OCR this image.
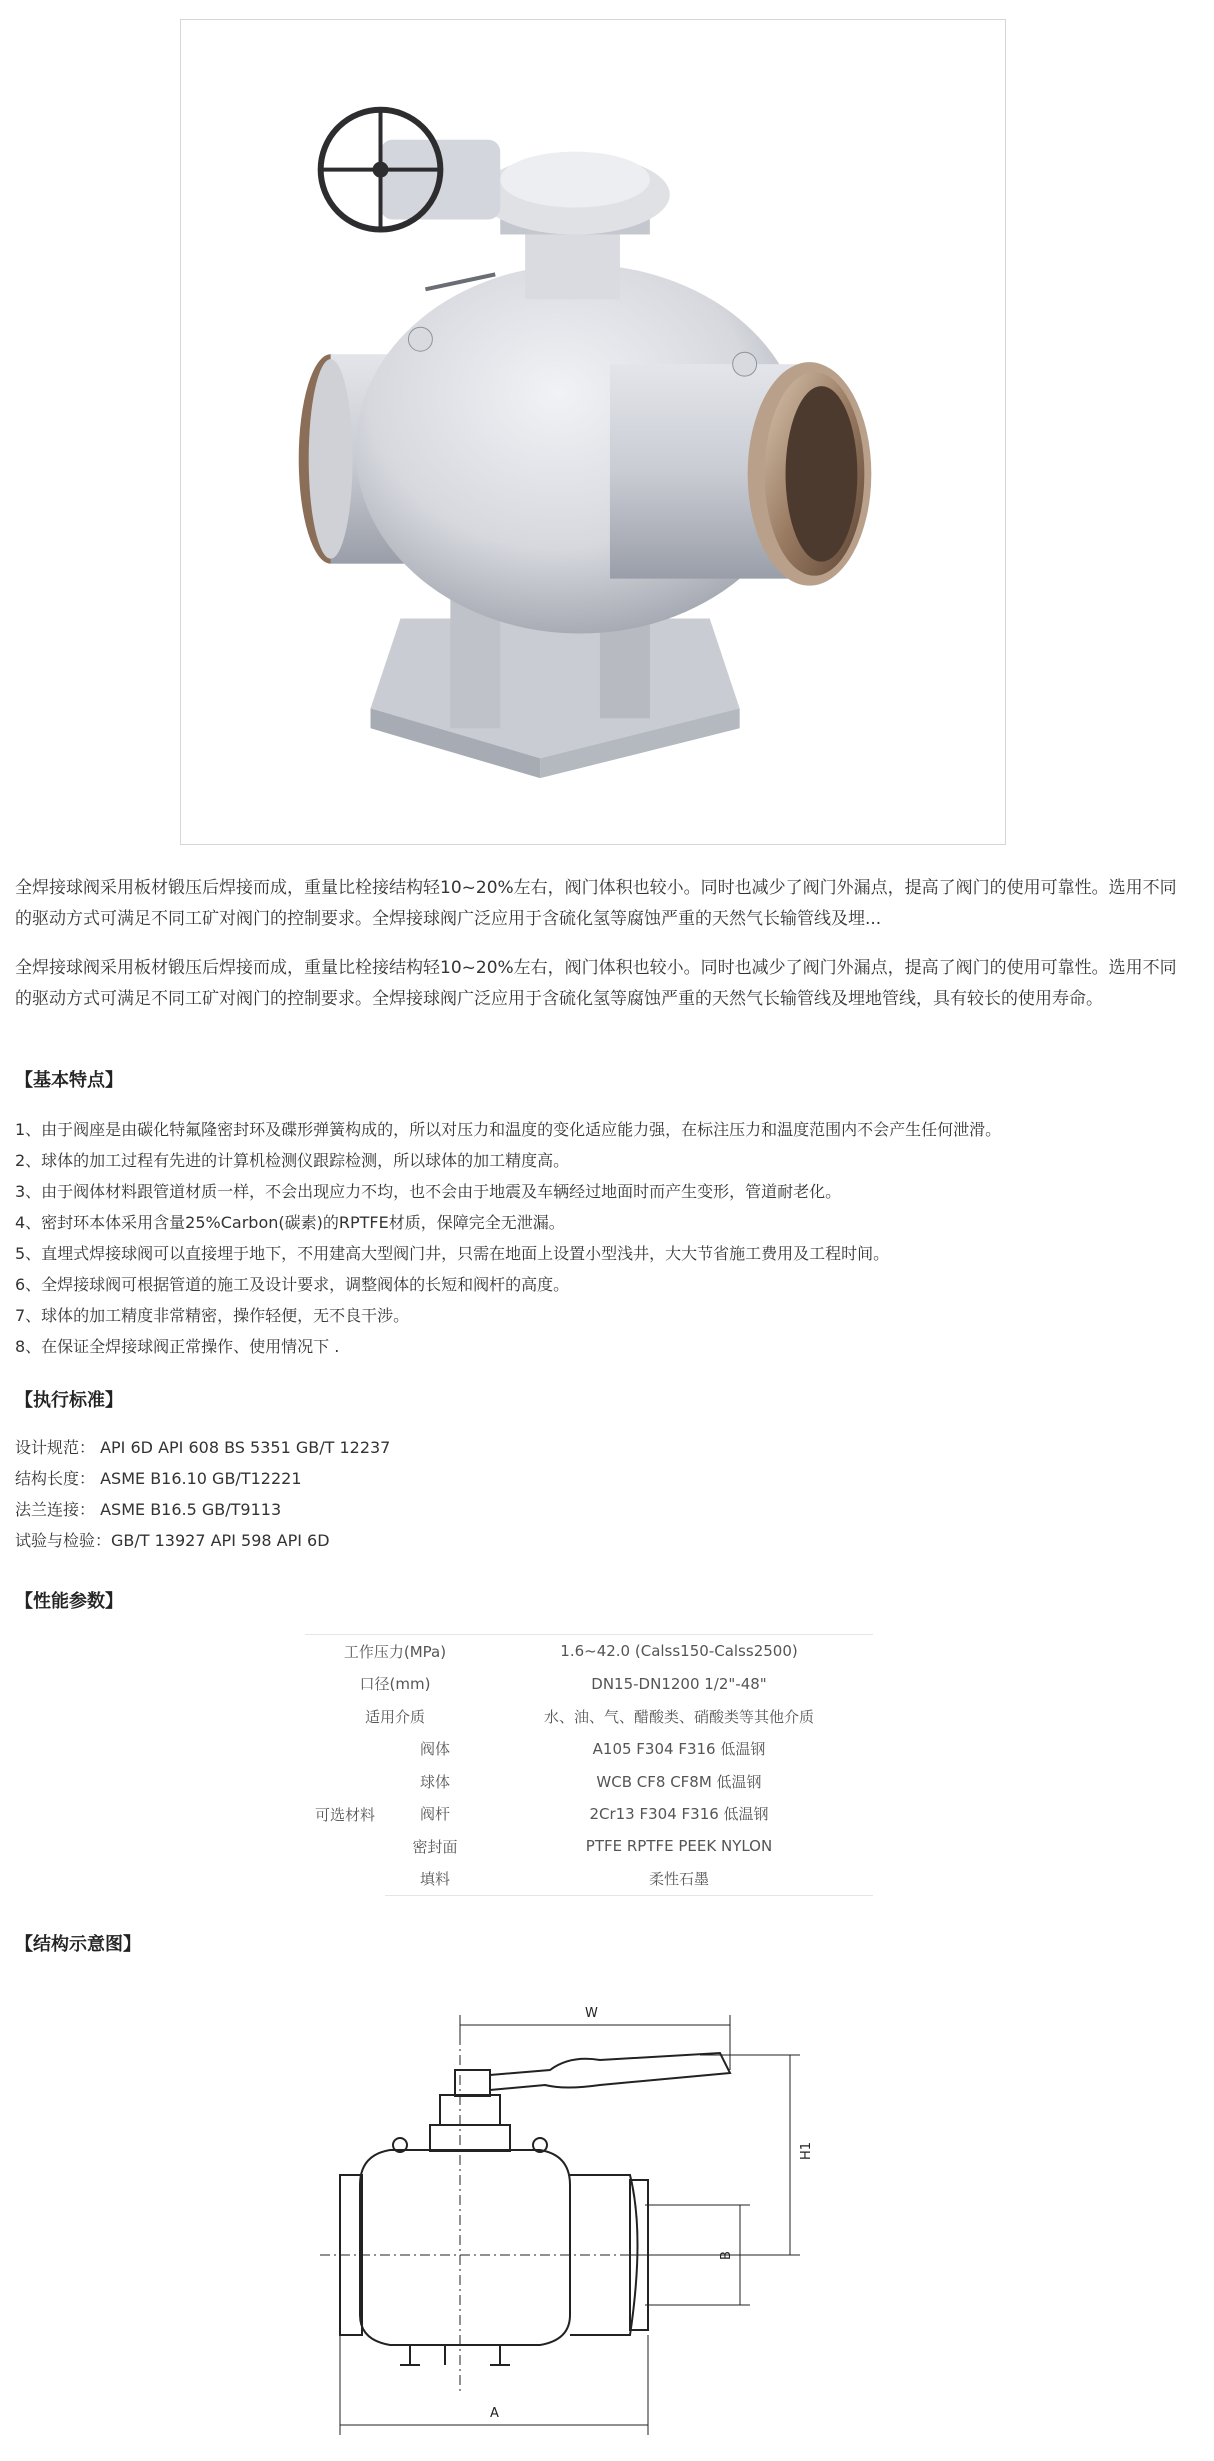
全焊接球阀采用板材锻压后焊接而成，重量比栓接结构轻10~20%左右，阀门体积也较小。同时也减少了阀门外漏点，提高了阀门的使用可靠性。选用不同的驱动方式可满足不同工矿对阀门的控制要求。全焊接球阀广泛应用于含硫化氢等腐蚀严重的天然气长输管线及埋...

全焊接球阀采用板材锻压后焊接而成，重量比栓接结构轻10~20%左右，阀门体积也较小。同时也减少了阀门外漏点，提高了阀门的使用可靠性。选用不同的驱动方式可满足不同工矿对阀门的控制要求。全焊接球阀广泛应用于含硫化氢等腐蚀严重的天然气长输管线及埋地管线，具有较长的使用寿命。

【基本特点】
1、由于阀座是由碳化特氟隆密封环及碟形弹簧构成的，所以对压力和温度的变化适应能力强，在标注压力和温度范围内不会产生任何泄滑。
2、球体的加工过程有先进的计算机检测仪跟踪检测，所以球体的加工精度高。
3、由于阀体材料跟管道材质一样，不会出现应力不均，也不会由于地震及车辆经过地面时而产生变形，管道耐老化。
4、密封环本体采用含量25%Carbon(碳素)的RPTFE材质，保障完全无泄漏。
5、直埋式焊接球阀可以直接埋于地下，不用建高大型阀门井，只需在地面上设置小型浅井，大大节省施工费用及工程时间。
6、全焊接球阀可根据管道的施工及设计要求，调整阀体的长短和阀杆的高度。
7、球体的加工精度非常精密，操作轻便，无不良干涉。
8、在保证全焊接球阀正常操作、使用情况下 .
【执行标准】
设计规范： API 6D API 608 BS 5351 GB/T 12237
结构长度： ASME B16.10 GB/T12221
法兰连接： ASME B16.5 GB/T9113
试验与检验：GB/T 13927 API 598 API 6D
【性能参数】
工作压力(MPa)		1.6~42.0 (Calss150-Calss2500)
口径(mm)		DN15-DN1200 1/2"-48"
适用介质		水、油、气、醋酸类、硝酸类等其他介质
可选材料	阀体	A105 F304 F316 低温钢
	球体	WCB CF8 CF8M 低温钢
	阀杆	2Cr13 F304 F316 低温钢
	密封面	PTFE RPTFE PEEK NYLON
	填料	柔性石墨
【结构示意图】
W
H1
B
A
